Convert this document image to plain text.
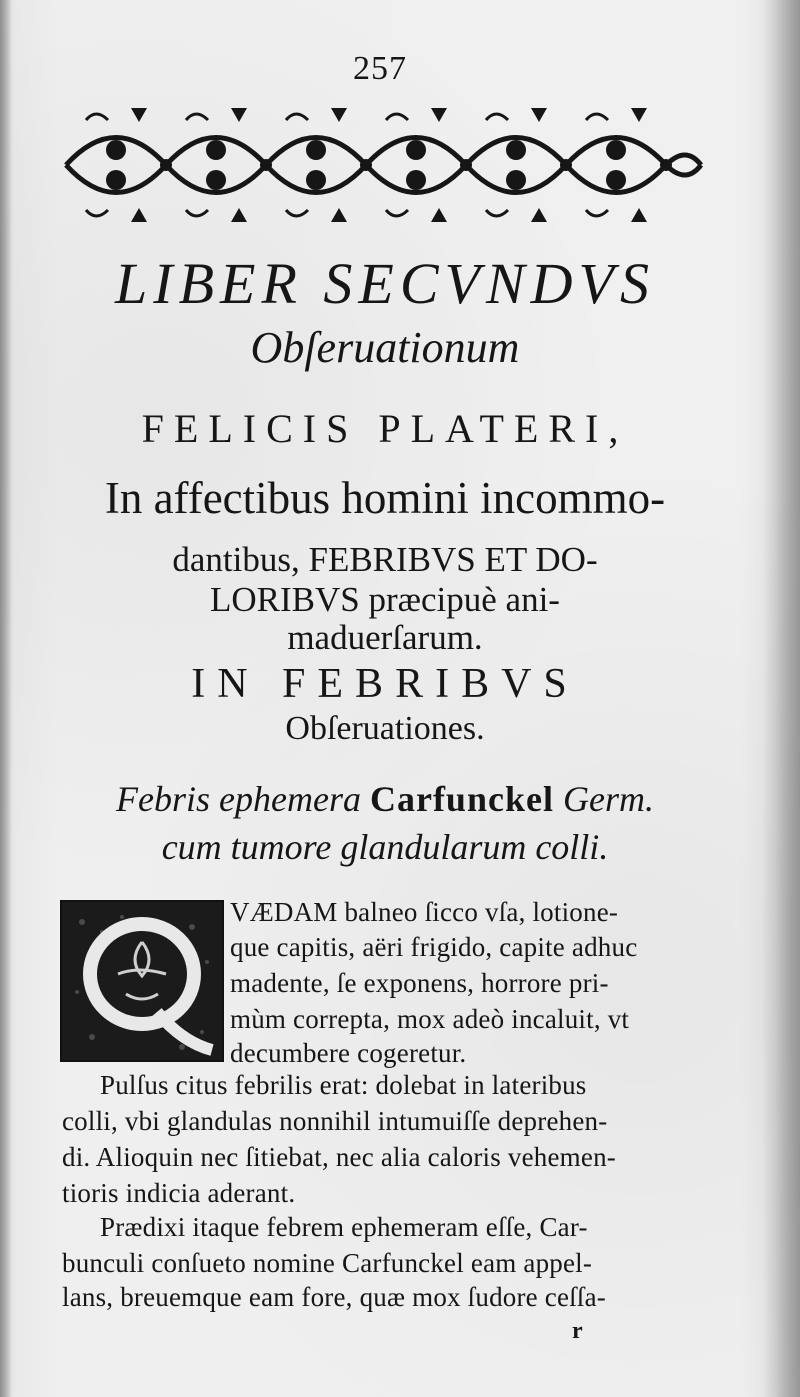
257
LIBER SECVNDVS
Obſeruationum
FELICIS PLATERI,
In affectibus homini incommo-
dantibus, FEBRIBVS ET DO-
LORIBVS præcipuè ani-
maduerſarum.
IN FEBRIBVS
Obſeruationes.
Febris ephemera Carfunckel Germ.
cum tumore glandularum colli.
VÆDAM balneo ſicco vſa, lotione-
que capitis, aëri frigido, capite adhuc
madente, ſe exponens, horrore pri-
mùm correpta, mox adeò incaluit, vt
decumbere cogeretur.
Pulſus citus febrilis erat: dolebat in lateribus
colli, vbi glandulas nonnihil intumuiſſe deprehen-
di. Alioquin nec ſitiebat, nec alia caloris vehemen-
tioris indicia aderant.
Prædixi itaque febrem ephemeram eſſe, Car-
bunculi conſueto nomine Carfunckel eam appel-
lans, breuemque eam fore, quæ mox ſudore ceſſa-
r
